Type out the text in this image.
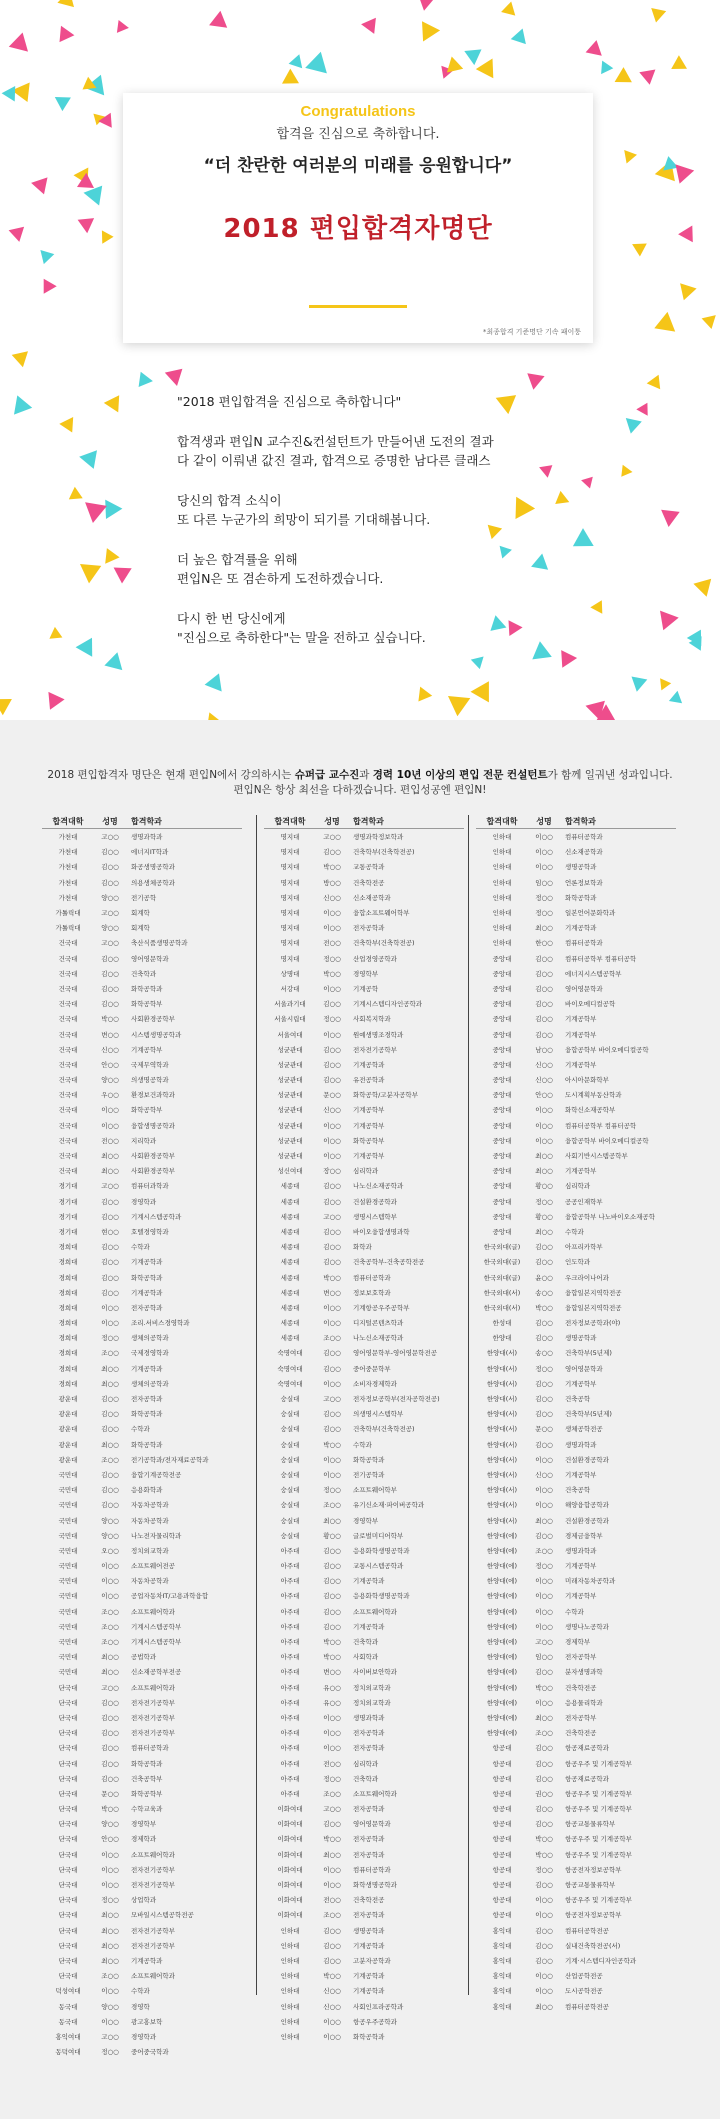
Congratulations
합격을 진심으로 축하합니다.
“더 찬란한 여러분의 미래를 응원합니다”
2018 편입합격자명단
*최종합격 기준명단 기속 패이퉁

"2018 편입합격을 진심으로 축하합니다"

합격생과 편입N 교수진&컨설턴트가 만들어낸 도전의 결과
다 같이 이뤄낸 값진 결과, 합격으로 증명한 남다른 클래스

당신의 합격 소식이
또 다른 누군가의 희망이 되기를 기대해봅니다.

더 높은 합격률을 위해
편입N은 또 겸손하게 도전하겠습니다.

다시 한 번 당신에게
"진심으로 축하한다"는 말을 전하고 싶습니다.

2018 편입합격자 명단은 현재 편입N에서 강의하시는 슈퍼급 교수진과 경력 10년 이상의 편입 전문 컨설턴트가 함께 일궈낸 성과입니다.
편입N은 항상 최선을 다하겠습니다. 편입성공엔 편입N!
합격대학	성명	합격학과
가천대	고○○	생명과학과
가천대	김○○	에너지IT학과
가천대	김○○	화공생명공학과
가천대	김○○	의용생체공학과
가천대	양○○	전기공학
가톨릭대	고○○	회계학
가톨릭대	양○○	회계학
건국대	고○○	축산식품생명공학과
건국대	김○○	영어영문학과
건국대	김○○	건축학과
건국대	김○○	화학공학과
건국대	김○○	화학공학부
건국대	박○○	사회환경공학부
건국대	변○○	시스템생명공학과
건국대	신○○	기계공학부
건국대	안○○	국제무역학과
건국대	양○○	의생명공학과
건국대	우○○	환경보건과학과
건국대	이○○	화학공학부
건국대	이○○	융합생명공학과
건국대	전○○	지리학과
건국대	최○○	사회환경공학부
건국대	최○○	사회환경공학부
경기대	고○○	컴퓨터과학과
경기대	김○○	경영학과
경기대	김○○	기계시스템공학과
경기대	현○○	호텔경영학과
경희대	김○○	수학과
경희대	김○○	기계공학과
경희대	김○○	화학공학과
경희대	김○○	기계공학과
경희대	이○○	전자공학과
경희대	이○○	조리.서비스경영학과
경희대	정○○	생체의공학과
경희대	조○○	국제경영학과
경희대	최○○	기계공학과
경희대	최○○	생체의공학과
광운대	김○○	전자공학과
광운대	김○○	화학공학과
광운대	김○○	수학과
광운대	최○○	화학공학과
광운대	조○○	전기공학과/전자재료공학과
국민대	김○○	융합기계공학전공
국민대	김○○	응용화학과
국민대	김○○	자동차공학과
국민대	양○○	자동차공학과
국민대	양○○	나노전자물리학과
국민대	오○○	정치외교학과
국민대	이○○	소프트웨어전공
국민대	이○○	자동차공학과
국민대	이○○	공업자동차IT/고용과학융합
국민대	조○○	소프트웨어학과
국민대	조○○	기계시스템공학부
국민대	조○○	기계시스템공학부
국민대	최○○	공법학과
국민대	최○○	신소재공학부전공
단국대	고○○	소프트웨어학과
단국대	김○○	전자전기공학부
단국대	김○○	전자전기공학부
단국대	김○○	전자전기공학부
단국대	김○○	컴퓨터공학과
단국대	김○○	화학공학과
단국대	김○○	건축공학부
단국대	문○○	화학공학부
단국대	박○○	수학교육과
단국대	양○○	경영학부
단국대	안○○	경제학과
단국대	이○○	소프트웨어학과
단국대	이○○	전자전기공학부
단국대	이○○	전자전기공학부
단국대	정○○	상업학과
단국대	최○○	모바일시스템공학전공
단국대	최○○	전자전기공학부
단국대	최○○	전자전기공학부
단국대	최○○	기계공학과
단국대	조○○	소프트웨어학과
덕성여대	이○○	수학과
동국대	양○○	경영학
동국대	이○○	광고홍보학
홍익여대	고○○	경영학과
동덕여대	정○○	중어중국학과
합격대학	성명	합격학과
명지대	고○○	생명과학정보학과
명지대	김○○	건축학부(건축학전공)
명지대	박○○	교통공학과
명지대	방○○	건축학전공
명지대	신○○	신소재공학과
명지대	이○○	융합소프트웨어학부
명지대	이○○	전자공학과
명지대	전○○	건축학부(건축학전공)
명지대	정○○	산업경영공학과
상명대	박○○	경영학부
서강대	이○○	기계공학
서울과기대	김○○	기계시스템디자인공학과
서울시립대	정○○	사회복지학과
서울여대	이○○	원예생명조경학과
성균관대	김○○	전자전기공학부
성균관대	김○○	기계공학과
성균관대	김○○	유전공학과
성균관대	문○○	화학공학/고분자공학부
성균관대	신○○	기계공학부
성균관대	이○○	기계공학부
성균관대	이○○	화학공학부
성균관대	이○○	기계공학부
성신여대	장○○	심리학과
세종대	김○○	나노신소재공학과
세종대	김○○	건설환경공학과
세종대	고○○	생명시스템학부
세종대	김○○	바이오융합생명과학
세종대	김○○	화학과
세종대	김○○	건축공학부-건축공학전공
세종대	박○○	컴퓨터공학과
세종대	변○○	정보보호학과
세종대	이○○	기계항공우주공학부
세종대	이○○	디지털콘텐츠학과
세종대	조○○	나노신소재공학과
숙명여대	김○○	영어영문학부-영어영문학전공
숙명여대	김○○	중어중문학부
숙명여대	이○○	소비자경제학과
숭실대	고○○	전자정보공학부(전자공학전공)
숭실대	김○○	의생명시스템학부
숭실대	김○○	건축학부(건축학전공)
숭실대	박○○	수학과
숭실대	이○○	화학공학과
숭실대	이○○	전기공학과
숭실대	정○○	소프트웨어학부
숭실대	조○○	유기신소재·파이버공학과
숭실대	최○○	경영학부
숭실대	황○○	글로벌미디어학부
아주대	김○○	응용화학생명공학과
아주대	김○○	교통시스템공학과
아주대	김○○	기계공학과
아주대	김○○	응용화학생명공학과
아주대	김○○	소프트웨어학과
아주대	김○○	기계공학과
아주대	박○○	건축학과
아주대	박○○	사회학과
아주대	변○○	사이버보안학과
아주대	유○○	정치외교학과
아주대	유○○	정치외교학과
아주대	이○○	생명과학과
아주대	이○○	전자공학과
아주대	이○○	전자공학과
아주대	전○○	심리학과
아주대	정○○	건축학과
아주대	조○○	소프트웨어학과
이화여대	고○○	전자공학과
이화여대	김○○	영어영문학과
이화여대	박○○	전자공학과
이화여대	최○○	전자공학과
이화여대	이○○	컴퓨터공학과
이화여대	이○○	화학생명공학과
이화여대	전○○	건축학전공
이화여대	조○○	전자공학과
인하대	김○○	생명공학과
인하대	김○○	기계공학과
인하대	김○○	고분자공학과
인하대	박○○	기계공학과
인하대	신○○	기계공학과
인하대	신○○	사회인프라공학과
인하대	이○○	항공우주공학과
인하대	이○○	화학공학과
합격대학	성명	합격학과
인하대	이○○	컴퓨터공학과
인하대	이○○	신소재공학과
인하대	이○○	생명공학과
인하대	임○○	언론정보학과
인하대	정○○	화학공학과
인하대	정○○	일본언어문화학과
인하대	최○○	기계공학과
인하대	한○○	컴퓨터공학과
중앙대	김○○	컴퓨터공학부 컴퓨터공학
중앙대	김○○	에너지시스템공학부
중앙대	김○○	영어영문학과
중앙대	김○○	바이오메디컬공학
중앙대	김○○	기계공학부
중앙대	김○○	기계공학부
중앙대	남○○	융합공학부 바이오메디컬공학
중앙대	신○○	기계공학부
중앙대	신○○	아시아문화학부
중앙대	안○○	도시계획부동산학과
중앙대	이○○	화학신소재공학부
중앙대	이○○	컴퓨터공학부 컴퓨터공학
중앙대	이○○	융합공학부 바이오메디컬공학
중앙대	최○○	사회기반시스템공학부
중앙대	최○○	기계공학부
중앙대	황○○	심리학과
중앙대	정○○	공공인재학부
중앙대	황○○	융합공학부 나노바이오소재공학
중앙대	최○○	수학과
한국외대(글)	김○○	아프리카학부
한국외대(글)	김○○	인도학과
한국외대(글)	윤○○	우크라이나어과
한국외대(서)	송○○	융합일본지역학전공
한국외대(서)	박○○	융합일본지역학전공
한성대	김○○	전자정보공학과(야)
한양대	김○○	생명공학과
한양대(서)	송○○	건축학부(5년제)
한양대(서)	정○○	영어영문학과
한양대(서)	김○○	기계공학부
한양대(서)	김○○	건축공학
한양대(서)	김○○	건축학부(5년제)
한양대(서)	문○○	생체공학전공
한양대(서)	김○○	생명과학과
한양대(서)	이○○	건설환경공학과
한양대(서)	신○○	기계공학부
한양대(서)	이○○	건축공학
한양대(서)	이○○	해양융합공학과
한양대(서)	최○○	건설환경공학과
한양대(에)	김○○	경제금융학부
한양대(에)	조○○	생명과학과
한양대(에)	정○○	기계공학부
한양대(에)	이○○	미래자동차공학과
한양대(에)	이○○	기계공학부
한양대(에)	이○○	수학과
한양대(에)	이○○	생명나노공학과
한양대(에)	고○○	경제학부
한양대(에)	임○○	전자공학부
한양대(에)	김○○	분자생명과학
한양대(에)	박○○	건축학전공
한양대(에)	이○○	응용물리학과
한양대(에)	최○○	전자공학부
한양대(에)	조○○	건축학전공
항공대	김○○	항공재료공학과
항공대	김○○	항공우주 및 기계공학부
항공대	김○○	항공재료공학과
항공대	권○○	항공우주 및 기계공학부
항공대	김○○	항공우주 및 기계공학부
항공대	김○○	항공교통물류학부
항공대	박○○	항공우주 및 기계공학부
항공대	박○○	항공우주 및 기계공학부
항공대	정○○	항공전자정보공학부
항공대	김○○	항공교통물류학부
항공대	이○○	항공우주 및 기계공학부
항공대	이○○	항공전자정보공학부
홍익대	김○○	컴퓨터공학전공
홍익대	김○○	실내건축학전공(서)
홍익대	김○○	기계·시스템디자인공학과
홍익대	이○○	산업공학전공
홍익대	이○○	도시공학전공
홍익대	최○○	컴퓨터공학전공
